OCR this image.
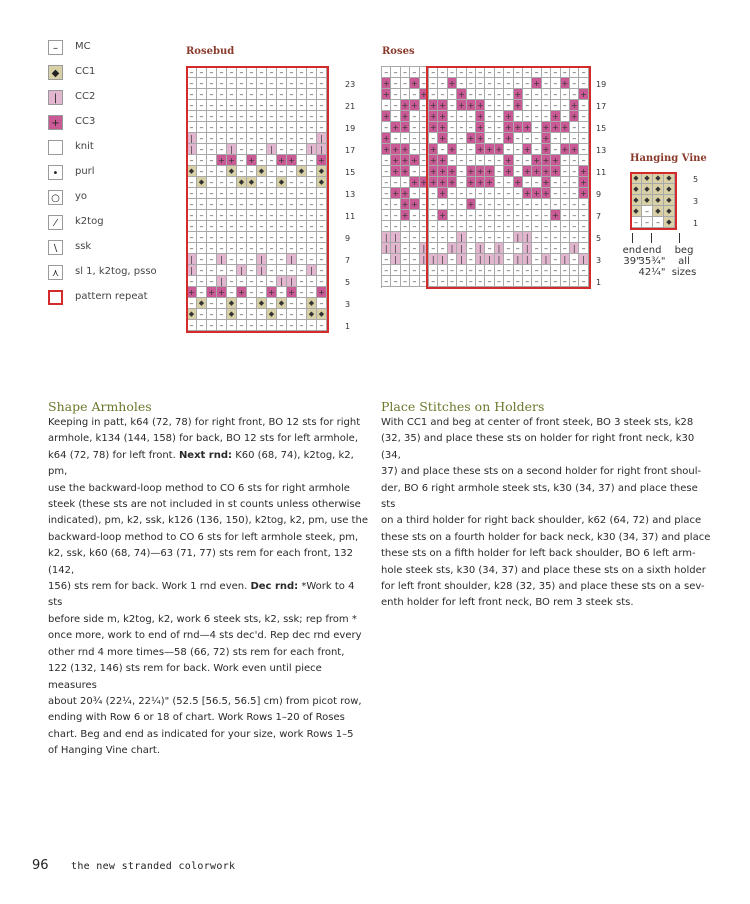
–	MC
◆	CC1
|	CC2
+	CC3
knit
•	purl
○	yo
⁄	k2tog
\	ssk
⋏	sl 1, k2tog, psso
pattern repeat
Rosebud
– – – – – – – – – – – – – –
– – – – – – – – – – – – – –
– – – – – – – – – – – – – –
– – – – – – – – – – – – – –
– – – – – – – – – – – – – –
– – – – – – – – – – – – – –
| – – – – – – – – – – – – |
| – – – | – – – | – – – | |
– – – + + – + – – + + – – +
◆ – – – ◆ – – ◆ – – – ◆ – ◆
– ◆ – – – ◆ ◆ – – ◆ – – – ◆
– – – – – – – – – – – – – –
– – – – – – – – – – – – – –
– – – – – – – – – – – – – –
– – – – – – – – – – – – – –
– – – – – – – – – – – – – –
– – – – – – – – – – – – – –
| – – | – – – | – – | – – –
| – – – – | – | – – – – | –
– – – | – – – – – | | – – –
+ – + + – + – – + – + – – +
– ◆ – – ◆ – – ◆ – ◆ – – ◆ –
◆ – – – ◆ – – – ◆ – – – ◆ ◆
– – – – – – – – – – – – – –
23
21
19
17
15
13
11
9
7
5
3
1
Roses
– – – – – – – – – – – – – – – – – – – – – –
+ – – + – – – + – – – – – – – – + – – + – –
+ – – – + – – – + – – – – – + – – – – – – +
– – + + – + + – + + + – – – + – – – – – + –
+ – + – – + + – – – + – – + – – – – + – + –
– + + – – + + – – – + – – + + + – + + + – –
+ – – – – – + – – + + – – + – – – + – – – –
+ + + – – + – + – – + + + – – + – + – + + –
– + + + – + + – – – – – – + – – + + + – – –
– + + – – + + + – + + + – + – + + + + – – +
– – – + + + + + – + + + – – + – – + – – – +
– + + – – – + – – – – – – – – + + + – – – +
– – + + – – – – – + – – – – – – – – – – – –
– – + – – – + – – – – – – – – – – – + – – –
– – – – – – – – – – – – – – – – – – – – – –
| | – – – – – – | – – – – – | | – – – – – –
| | – – | – – | | – | – | – – | – – – – | –
– | – – | | | – | – | | | – | | – | – | – |
– – – – – – – – – – – – – – – – – – – – – –
– – – – – – – – – – – – – – – – – – – – – –
19
17
15
13
11
9
7
5
3
1
Hanging Vine
◆ ◆ ◆ ◆
◆ ◆ ◆ ◆
◆ ◆ ◆ ◆
◆ – ◆ ◆
– – – ◆
5
3
1
end
39"
end
35¾"
42¼"
beg
all
sizes
Shape Armholes
Keeping in patt, k64 (72, 78) for right front, BO 12 sts for right
armhole, k134 (144, 158) for back, BO 12 sts for left armhole,
k64 (72, 78) for left front. Next rnd: K60 (68, 74), k2tog, k2, pm,
use the backward-loop method to CO 6 sts for right armhole
steek (these sts are not included in st counts unless otherwise
indicated), pm, k2, ssk, k126 (136, 150), k2tog, k2, pm, use the
backward-loop method to CO 6 sts for left armhole steek, pm,
k2, ssk, k60 (68, 74)—63 (71, 77) sts rem for each front, 132 (142,
156) sts rem for back. Work 1 rnd even. Dec rnd: *Work to 4 sts
before side m, k2tog, k2, work 6 steek sts, k2, ssk; rep from *
once more, work to end of rnd—4 sts dec'd. Rep dec rnd every
other rnd 4 more times—58 (66, 72) sts rem for each front,
122 (132, 146) sts rem for back. Work even until piece measures
about 20¾ (22¼, 22¼)" (52.5 [56.5, 56.5] cm) from picot row,
ending with Row 6 or 18 of chart. Work Rows 1–20 of Roses
chart. Beg and end as indicated for your size, work Rows 1–5
of Hanging Vine chart.
Place Stitches on Holders
With CC1 and beg at center of front steek, BO 3 steek sts, k28
(32, 35) and place these sts on holder for right front neck, k30 (34,
37) and place these sts on a second holder for right front shoul-
der, BO 6 right armhole steek sts, k30 (34, 37) and place these sts
on a third holder for right back shoulder, k62 (64, 72) and place
these sts on a fourth holder for back neck, k30 (34, 37) and place
these sts on a fifth holder for left back shoulder, BO 6 left arm-
hole steek sts, k30 (34, 37) and place these sts on a sixth holder
for left front shoulder, k28 (32, 35) and place these sts on a sev-
enth holder for left front neck, BO rem 3 steek sts.
96 the new stranded colorwork
